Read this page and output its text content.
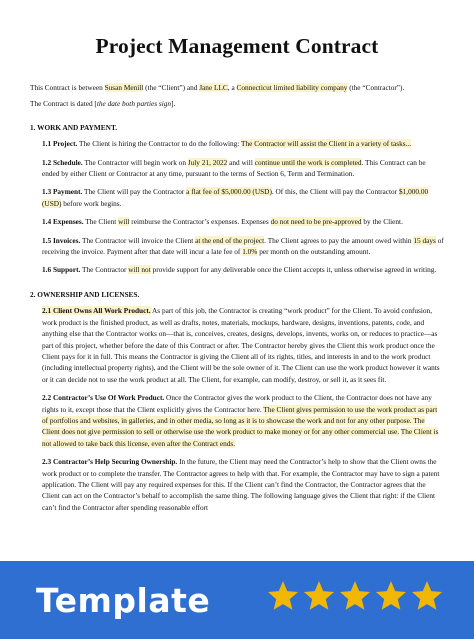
Project Management Contract

This Contract is between Susan Menill (the “Client”) and Jane LLC, a Connecticut limited liability company (the “Contractor”).

The Contract is dated [the date both parties sign].

1. WORK AND PAYMENT.

1.1 Project. The Client is hiring the Contractor to do the following: The Contractor will assist the Client in a variety of tasks...

1.2 Schedule. The Contractor will begin work on July 21, 2022 and will continue until the work is completed. This Contract can be ended by either Client or Contractor at any time, pursuant to the terms of Section 6, Term and Termination.

1.3 Payment. The Client will pay the Contractor a flat fee of $5,000.00 (USD). Of this, the Client will pay the Contractor $1,000.00 (USD) before work begins.

1.4 Expenses. The Client will reimburse the Contractor’s expenses. Expenses do not need to be pre-approved by the Client.

1.5 Invoices. The Contractor will invoice the Client at the end of the project. The Client agrees to pay the amount owed within 15 days of receiving the invoice. Payment after that date will incur a late fee of 1.0% per month on the outstanding amount.

1.6 Support. The Contractor will not provide support for any deliverable once the Client accepts it, unless otherwise agreed in writing.

2. OWNERSHIP AND LICENSES.

2.1 Client Owns All Work Product. As part of this job, the Contractor is creating “work product” for the Client. To avoid confusion, work product is the finished product, as well as drafts, notes, materials, mockups, hardware, designs, inventions, patents, code, and anything else that the Contractor works on—that is, conceives, creates, designs, develops, invents, works on, or reduces to practice—as part of this project, whether before the date of this Contract or after. The Contractor hereby gives the Client this work product once the Client pays for it in full. This means the Contractor is giving the Client all of its rights, titles, and interests in and to the work product (including intellectual property rights), and the Client will be the sole owner of it. The Client can use the work product however it wants or it can decide not to use the work product at all. The Client, for example, can modify, destroy, or sell it, as it sees fit.

2.2 Contractor’s Use Of Work Product. Once the Contractor gives the work product to the Client, the Contractor does not have any rights to it, except those that the Client explicitly gives the Contractor here. The Client gives permission to use the work product as part of portfolios and websites, in galleries, and in other media, so long as it is to showcase the work and not for any other purpose. The Client does not give permission to sell or otherwise use the work product to make money or for any other commercial use. The Client is not allowed to take back this license, even after the Contract ends.

2.3 Contractor’s Help Securing Ownership. In the future, the Client may need the Contractor’s help to show that the Client owns the work product or to complete the transfer. The Contractor agrees to help with that. For example, the Contractor may have to sign a patent application. The Client will pay any required expenses for this. If the Client can’t find the Contractor, the Contractor agrees that the Client can act on the Contractor’s behalf to accomplish the same thing. The following language gives the Client that right: if the Client can’t find the Contractor after spending reasonable effort

Template
